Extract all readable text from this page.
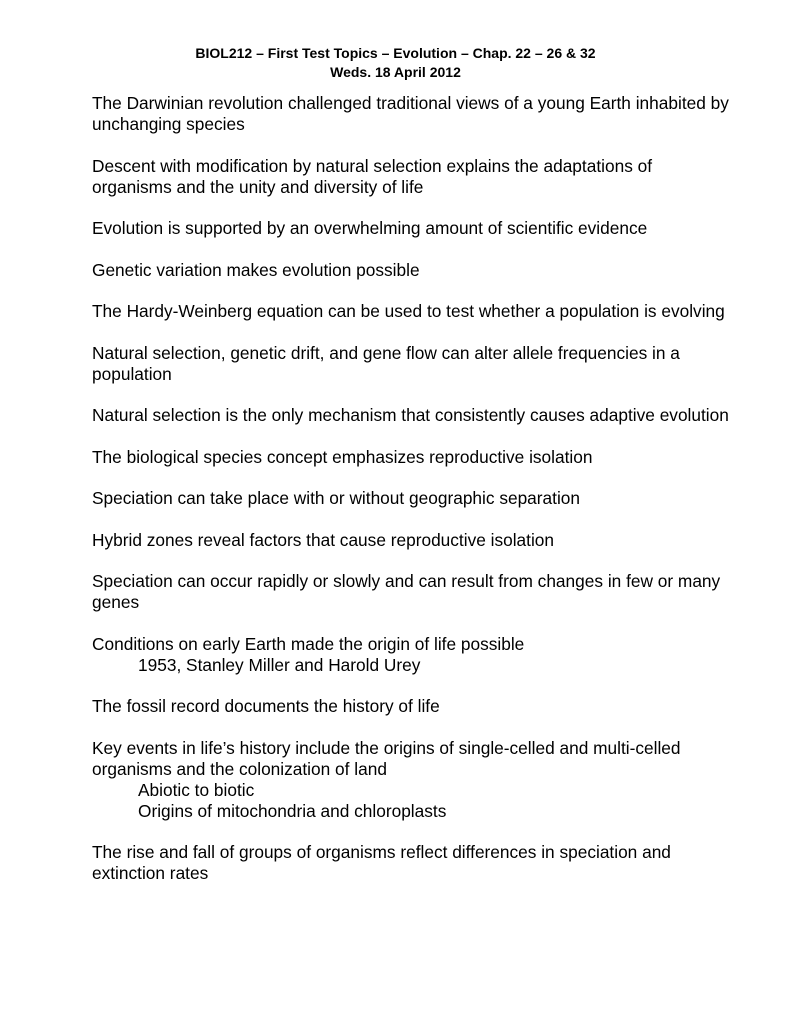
BIOL212 – First Test Topics – Evolution – Chap. 22 – 26 & 32
Weds. 18 April 2012
The Darwinian revolution challenged traditional views of a young Earth inhabited by unchanging species
Descent with modification by natural selection explains the adaptations of organisms and the unity and diversity of life
Evolution is supported by an overwhelming amount of scientific evidence
Genetic variation makes evolution possible
The Hardy-Weinberg equation can be used to test whether a population is evolving
Natural selection, genetic drift, and gene flow can alter allele frequencies in a population
Natural selection is the only mechanism that consistently causes adaptive evolution
The biological species concept emphasizes reproductive isolation
Speciation can take place with or without geographic separation
Hybrid zones reveal factors that cause reproductive isolation
Speciation can occur rapidly or slowly and can result from changes in few or many genes
Conditions on early Earth made the origin of life possible
1953, Stanley Miller and Harold Urey
The fossil record documents the history of life
Key events in life’s history include the origins of single-celled and multi-celled organisms and the colonization of land
Abiotic to biotic
Origins of mitochondria and chloroplasts
The rise and fall of groups of organisms reflect differences in speciation and extinction rates
